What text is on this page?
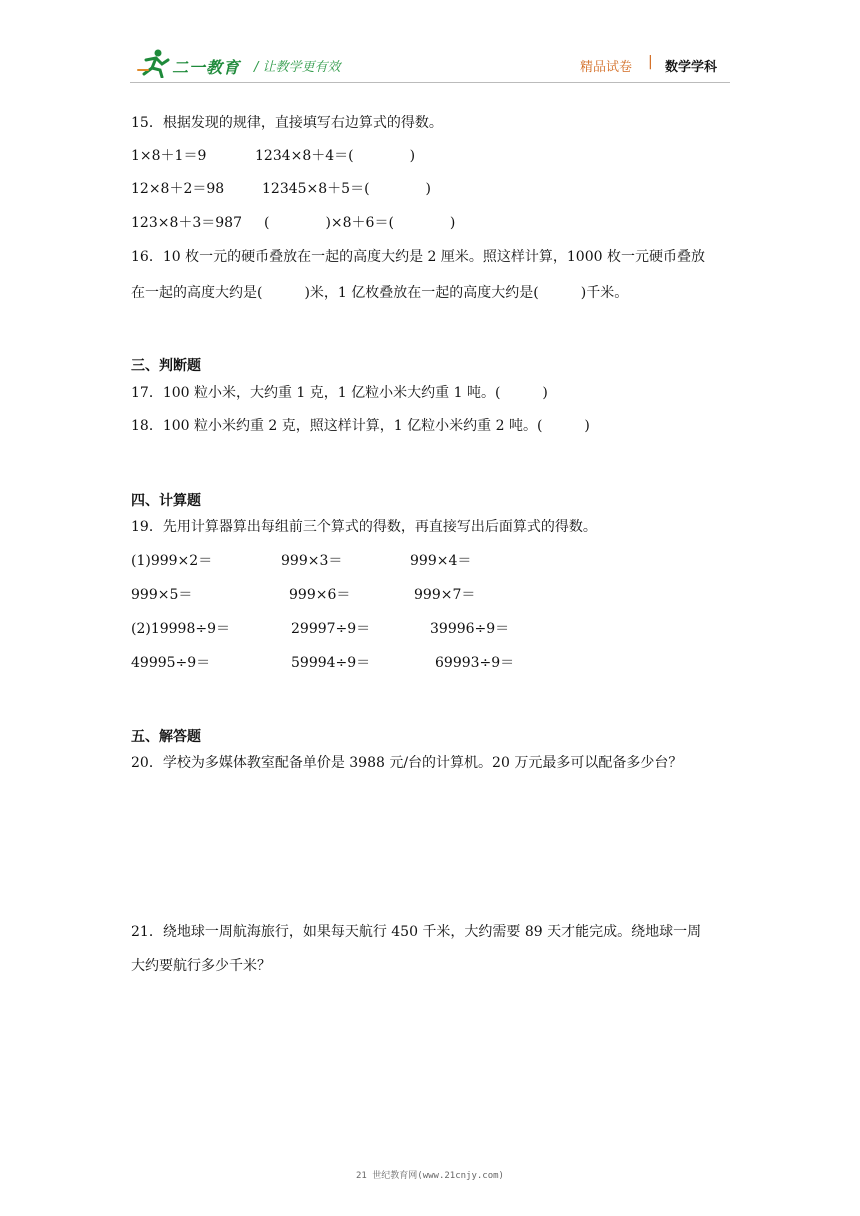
二一教育 / 让教学更有效	精品试卷 | 数学学科
15．根据发现的规律，直接填写右边算式的得数。
1×8＋1＝9	1234×8＋4＝(　　　　)
12×8＋2＝98	12345×8＋5＝(　　　　)
123×8＋3＝987 (　　　　)×8＋6＝(　　　　)
16．10 枚一元的硬币叠放在一起的高度大约是 2 厘米。照这样计算，1000 枚一元硬币叠放
在一起的高度大约是(　　　)米，1 亿枚叠放在一起的高度大约是(　　　)千米。
三、判断题
17．100 粒小米，大约重 1 克，1 亿粒小米大约重 1 吨。(　　　)
18．100 粒小米约重 2 克，照这样计算，1 亿粒小米约重 2 吨。(　　　)
四、计算题
19．先用计算器算出每组前三个算式的得数，再直接写出后面算式的得数。
(1)999×2＝	999×3＝	999×4＝
999×5＝	999×6＝	999×7＝
(2)19998÷9＝	29997÷9＝	39996÷9＝
49995÷9＝	59994÷9＝	69993÷9＝
五、解答题
20．学校为多媒体教室配备单价是 3988 元/台的计算机。20 万元最多可以配备多少台？
21．绕地球一周航海旅行，如果每天航行 450 千米，大约需要 89 天才能完成。绕地球一周
大约要航行多少千米？
21 世纪教育网(www.21cnjy.com)
